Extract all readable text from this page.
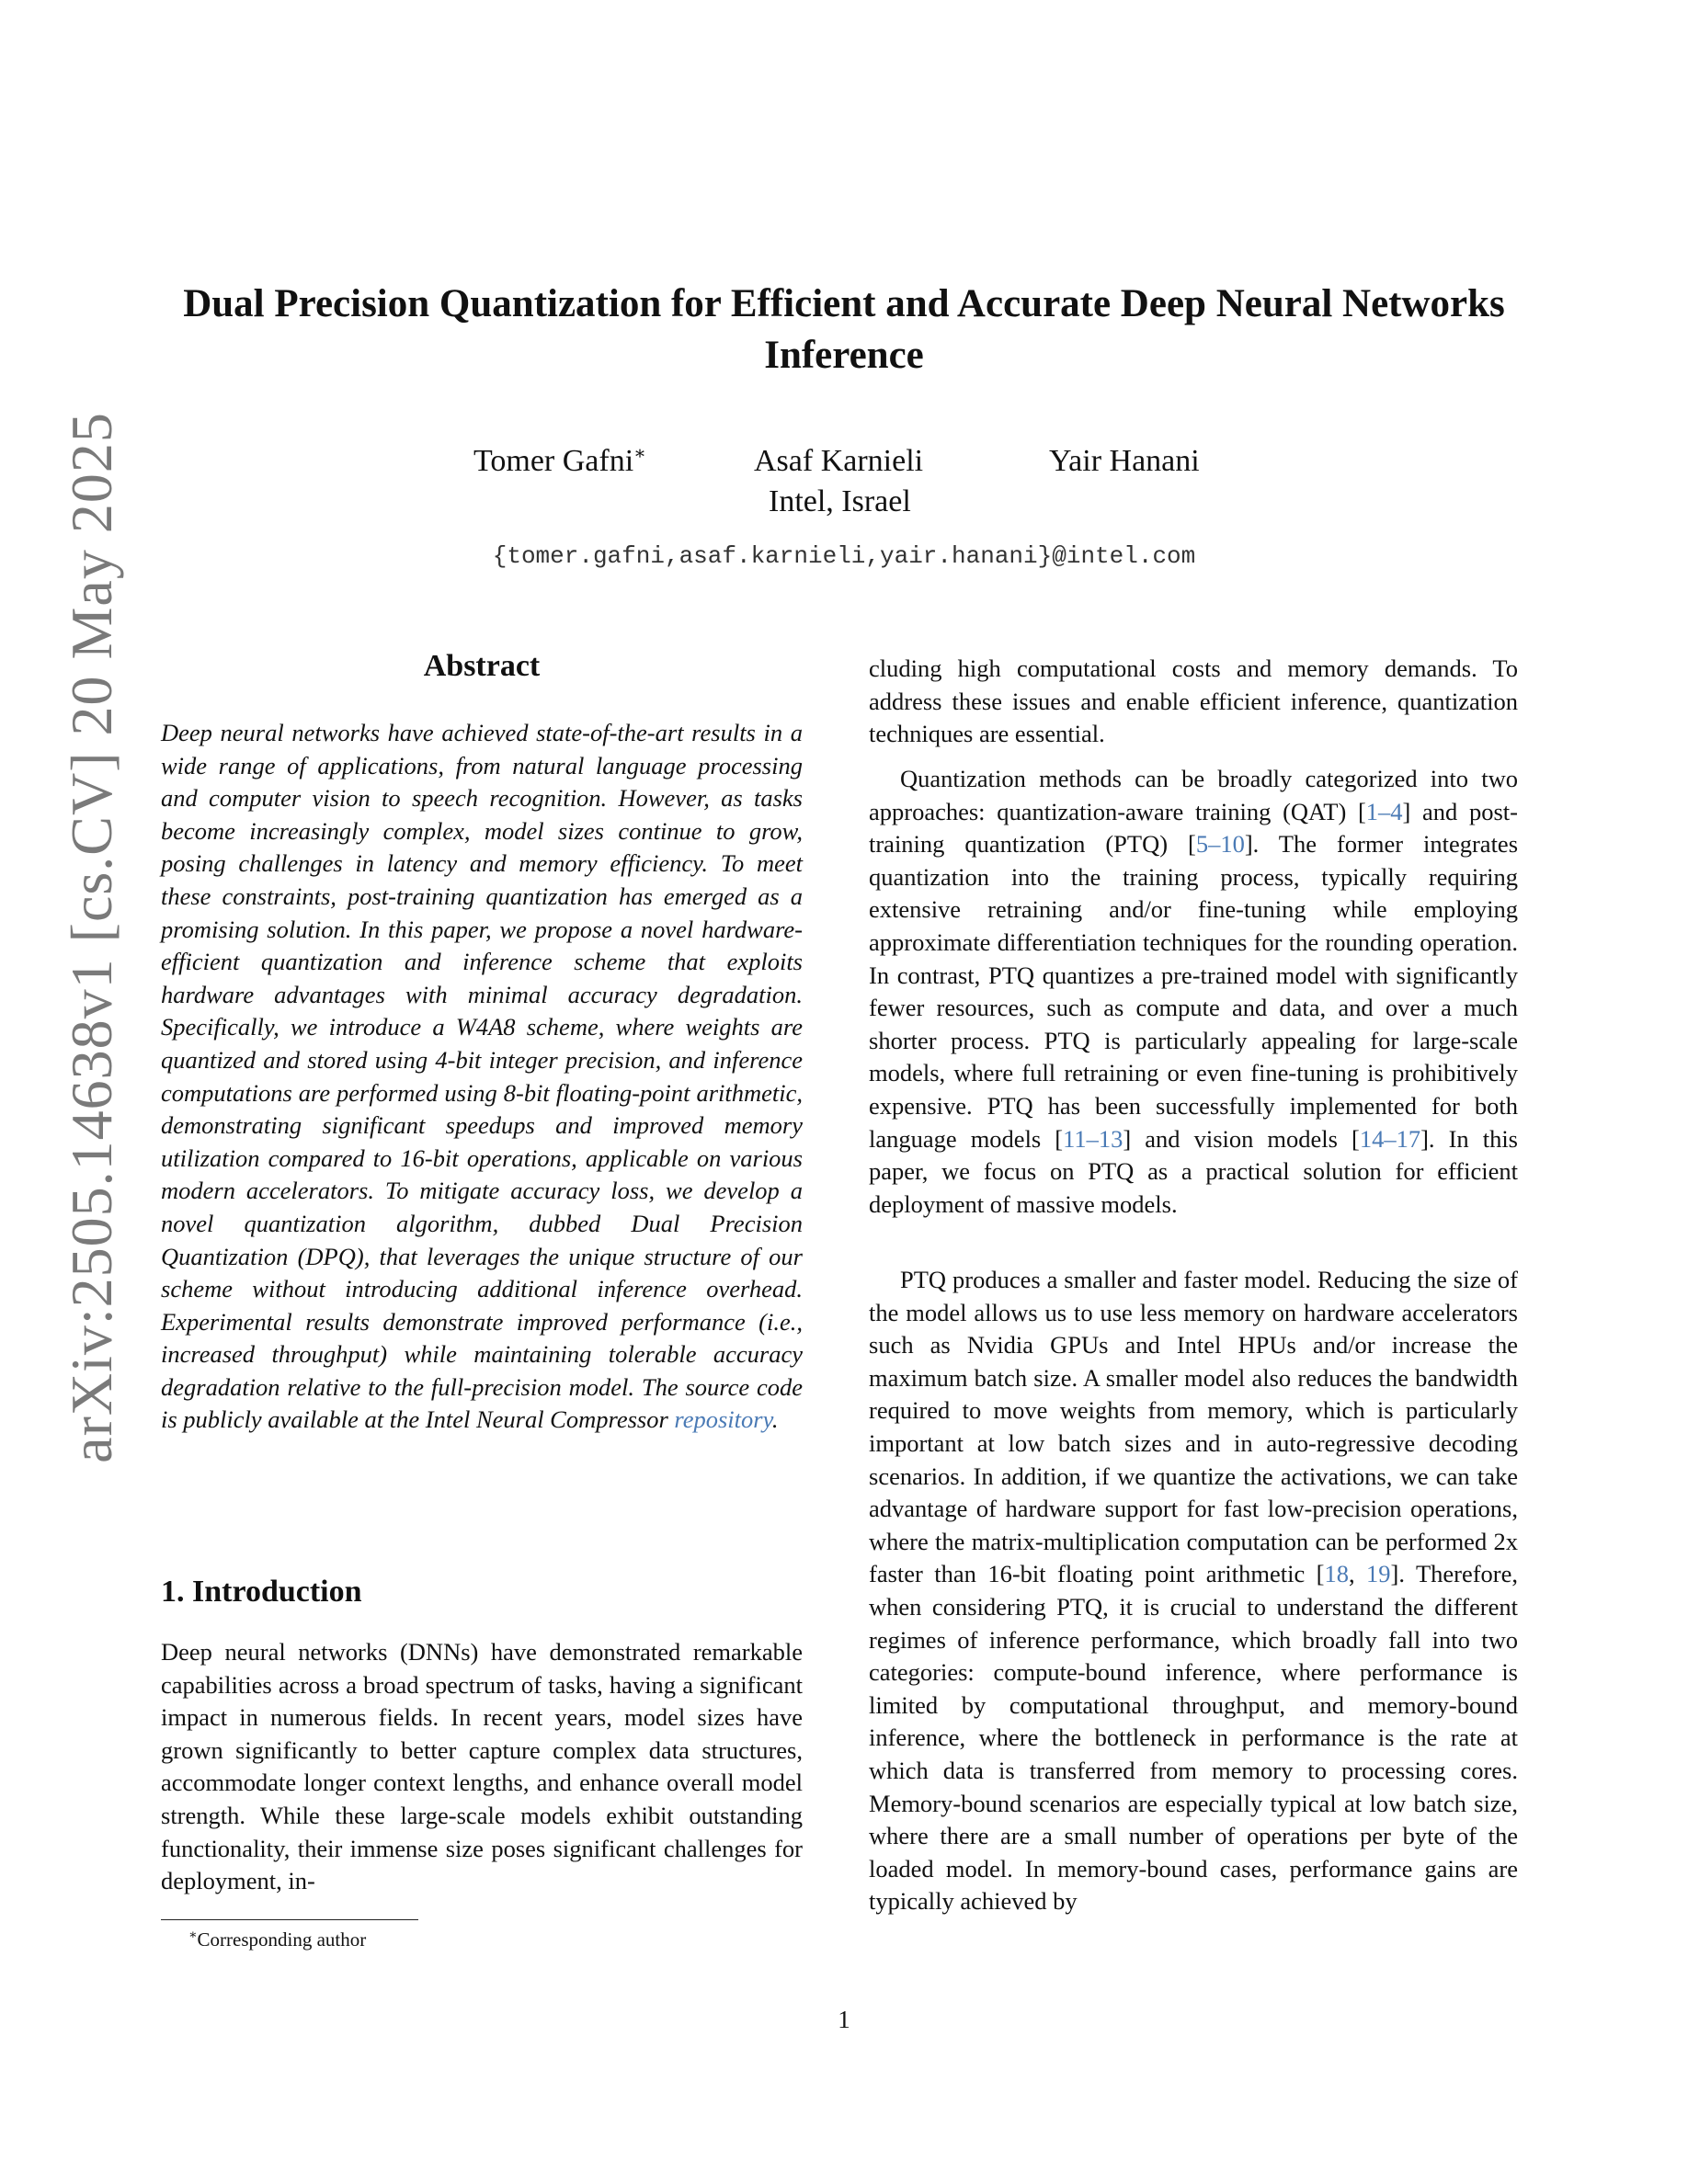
arXiv:2505.14638v1 [cs.CV] 20 May 2025
Dual Precision Quantization for Efficient and Accurate Deep Neural Networks Inference
Tomer Gafni∗	Asaf Karnieli	Yair Hanani
Intel, Israel
{tomer.gafni,asaf.karnieli,yair.hanani}@intel.com
Abstract

Deep neural networks have achieved state-of-the-art results in a wide range of applications, from natural language processing and computer vision to speech recognition. However, as tasks become increasingly complex, model sizes continue to grow, posing challenges in latency and memory efficiency. To meet these constraints, post-training quantization has emerged as a promising solution. In this paper, we propose a novel hardware-efficient quantization and inference scheme that exploits hardware advantages with minimal accuracy degradation. Specifically, we introduce a W4A8 scheme, where weights are quantized and stored using 4-bit integer precision, and inference computations are performed using 8-bit floating-point arithmetic, demonstrating significant speedups and improved memory utilization compared to 16-bit operations, applicable on various modern accelerators. To mitigate accuracy loss, we develop a novel quantization algorithm, dubbed Dual Precision Quantization (DPQ), that leverages the unique structure of our scheme without introducing additional inference overhead. Experimental results demonstrate improved performance (i.e., increased throughput) while maintaining tolerable accuracy degradation relative to the full-precision model. The source code is publicly available at the Intel Neural Compressor repository.

1. Introduction

Deep neural networks (DNNs) have demonstrated remarkable capabilities across a broad spectrum of tasks, having a significant impact in numerous fields. In recent years, model sizes have grown significantly to better capture complex data structures, accommodate longer context lengths, and enhance overall model strength. While these large-scale models exhibit outstanding functionality, their immense size poses significant challenges for deployment, in-

cluding high computational costs and memory demands. To address these issues and enable efficient inference, quantization techniques are essential.

Quantization methods can be broadly categorized into two approaches: quantization-aware training (QAT) [1–4] and post-training quantization (PTQ) [5–10]. The former integrates quantization into the training process, typically requiring extensive retraining and/or fine-tuning while employing approximate differentiation techniques for the rounding operation. In contrast, PTQ quantizes a pre-trained model with significantly fewer resources, such as compute and data, and over a much shorter process. PTQ is particularly appealing for large-scale models, where full retraining or even fine-tuning is prohibitively expensive. PTQ has been successfully implemented for both language models [11–13] and vision models [14–17]. In this paper, we focus on PTQ as a practical solution for efficient deployment of massive models.

PTQ produces a smaller and faster model. Reducing the size of the model allows us to use less memory on hardware accelerators such as Nvidia GPUs and Intel HPUs and/or increase the maximum batch size. A smaller model also reduces the bandwidth required to move weights from memory, which is particularly important at low batch sizes and in auto-regressive decoding scenarios. In addition, if we quantize the activations, we can take advantage of hardware support for fast low-precision operations, where the matrix-multiplication computation can be performed 2x faster than 16-bit floating point arithmetic [18, 19]. Therefore, when considering PTQ, it is crucial to understand the different regimes of inference performance, which broadly fall into two categories: compute-bound inference, where performance is limited by computational throughput, and memory-bound inference, where the bottleneck in performance is the rate at which data is transferred from memory to processing cores. Memory-bound scenarios are especially typical at low batch size, where there are a small number of operations per byte of the loaded model. In memory-bound cases, performance gains are typically achieved by

∗Corresponding author
1
